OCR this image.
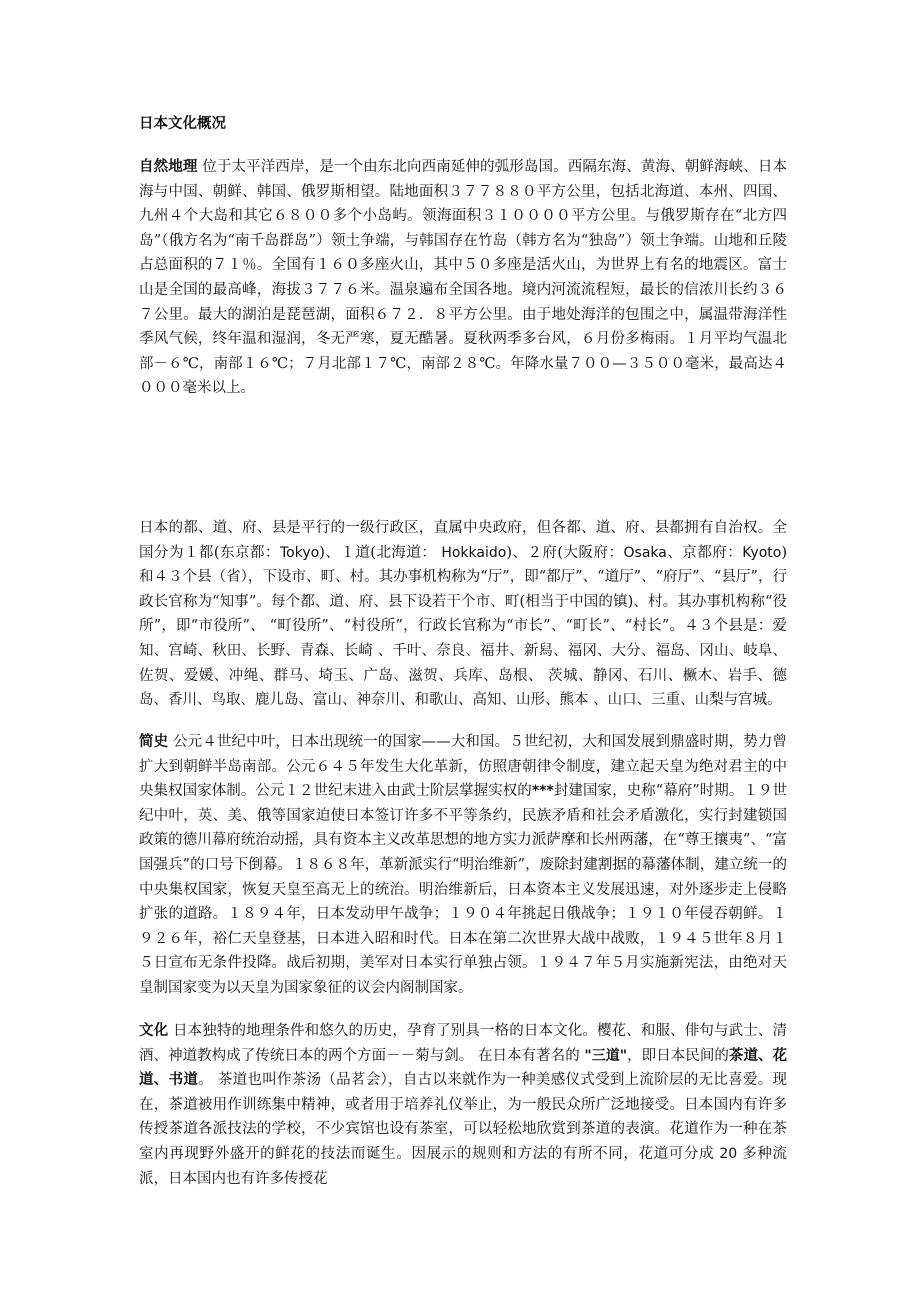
日本文化概况

自然地理 位于太平洋西岸，是一个由东北向西南延伸的弧形岛国。西隔东海、黄海、朝鲜海峡、日本海与中国、朝鲜、韩国、俄罗斯相望。陆地面积３７７８８０平方公里，包括北海道、本州、四国、九州４个大岛和其它６８００多个小岛屿。领海面积３１００００平方公里。与俄罗斯存在“北方四岛”（俄方名为“南千岛群岛”）领土争端，与韩国存在竹岛（韩方名为“独岛”）领土争端。山地和丘陵占总面积的７１％。全国有１６０多座火山，其中５０多座是活火山，为世界上有名的地震区。富士山是全国的最高峰，海拔３７７６米。温泉遍布全国各地。境内河流流程短，最长的信浓川长约３６７公里。最大的湖泊是琵琶湖，面积６７２．８平方公里。由于地处海洋的包围之中，属温带海洋性季风气候，终年温和湿润，冬无严寒，夏无酷暑。夏秋两季多台风，６月份多梅雨。１月平均气温北部－６℃，南部１６℃；７月北部１７℃，南部２８℃。年降水量７００—３５００毫米，最高达４０００毫米以上。

日本的都、道、府、县是平行的一级行政区，直属中央政府，但各都、道、府、县都拥有自治权。全国分为１都(东京都：Tokyo)、１道(北海道： Hokkaido)、２府(大阪府：Osaka、京都府：Kyoto) 和４３个县（省），下设市、町、村。其办事机构称为“厅”，即“都厅”、“道厅”、“府厅”、“县厅”，行政长官称为“知事”。每个都、道、府、县下设若干个市、町(相当于中国的镇)、村。其办事机构称“役所”，即“市役所”、 “町役所”、“村役所”，行政长官称为“市长”、“町长”、“村长”。４３个县是：爱知、宫崎、秋田、长野、青森、长崎 、千叶、奈良、福井、新舄、福冈、大分、福岛、冈山、岐阜、佐贺、爱媛、冲绳、群马、埼玉、广岛、滋贺、兵库、岛根、 茨城、静冈、石川、橛木、岩手、德岛、香川、鸟取、鹿儿岛、富山、神奈川、和歌山、高知、山形、熊本 、山口、三重、山梨与宫城。

简史 公元４世纪中叶，日本出现统一的国家——大和国。５世纪初，大和国发展到鼎盛时期，势力曾扩大到朝鲜半岛南部。公元６４５年发生大化革新，仿照唐朝律令制度，建立起天皇为绝对君主的中央集权国家体制。公元１２世纪末进入由武士阶层掌握实权的***封建国家，史称“幕府”时期。１９世纪中叶，英、美、俄等国家迫使日本签订许多不平等条约，民族矛盾和社会矛盾激化，实行封建锁国政策的德川幕府统治动摇，具有资本主义改革思想的地方实力派萨摩和长州两藩，在“尊王攘夷”、“富国强兵”的口号下倒幕。１８６８年，革新派实行“明治维新”，废除封建割据的幕藩体制，建立统一的中央集权国家，恢复天皇至高无上的统治。明治维新后，日本资本主义发展迅速，对外逐步走上侵略扩张的道路。１８９４年，日本发动甲午战争；１９０４年挑起日俄战争；１９１０年侵吞朝鲜。１９２６年，裕仁天皇登基，日本进入昭和时代。日本在第二次世界大战中战败，１９４５世年８月１５日宣布无条件投降。战后初期，美军对日本实行单独占领。１９４７年５月实施新宪法，由绝对天皇制国家变为以天皇为国家象征的议会内阁制国家。

文化 日本独特的地理条件和悠久的历史，孕育了别具一格的日本文化。樱花、和服、俳句与武士、清酒、神道教构成了传统日本的两个方面－－菊与剑。 在日本有著名的 "三道"，即日本民间的茶道、花道、书道。 茶道也叫作茶汤（品茗会），自古以来就作为一种美感仪式受到上流阶层的无比喜爱。现在，茶道被用作训练集中精神，或者用于培养礼仪举止，为一般民众所广泛地接受。日本国内有许多传授茶道各派技法的学校，不少宾馆也设有茶室，可以轻松地欣赏到茶道的表演。花道作为一种在茶室内再现野外盛开的鲜花的技法而诞生。因展示的规则和方法的有所不同，花道可分成 20 多种流派，日本国内也有许多传授花
